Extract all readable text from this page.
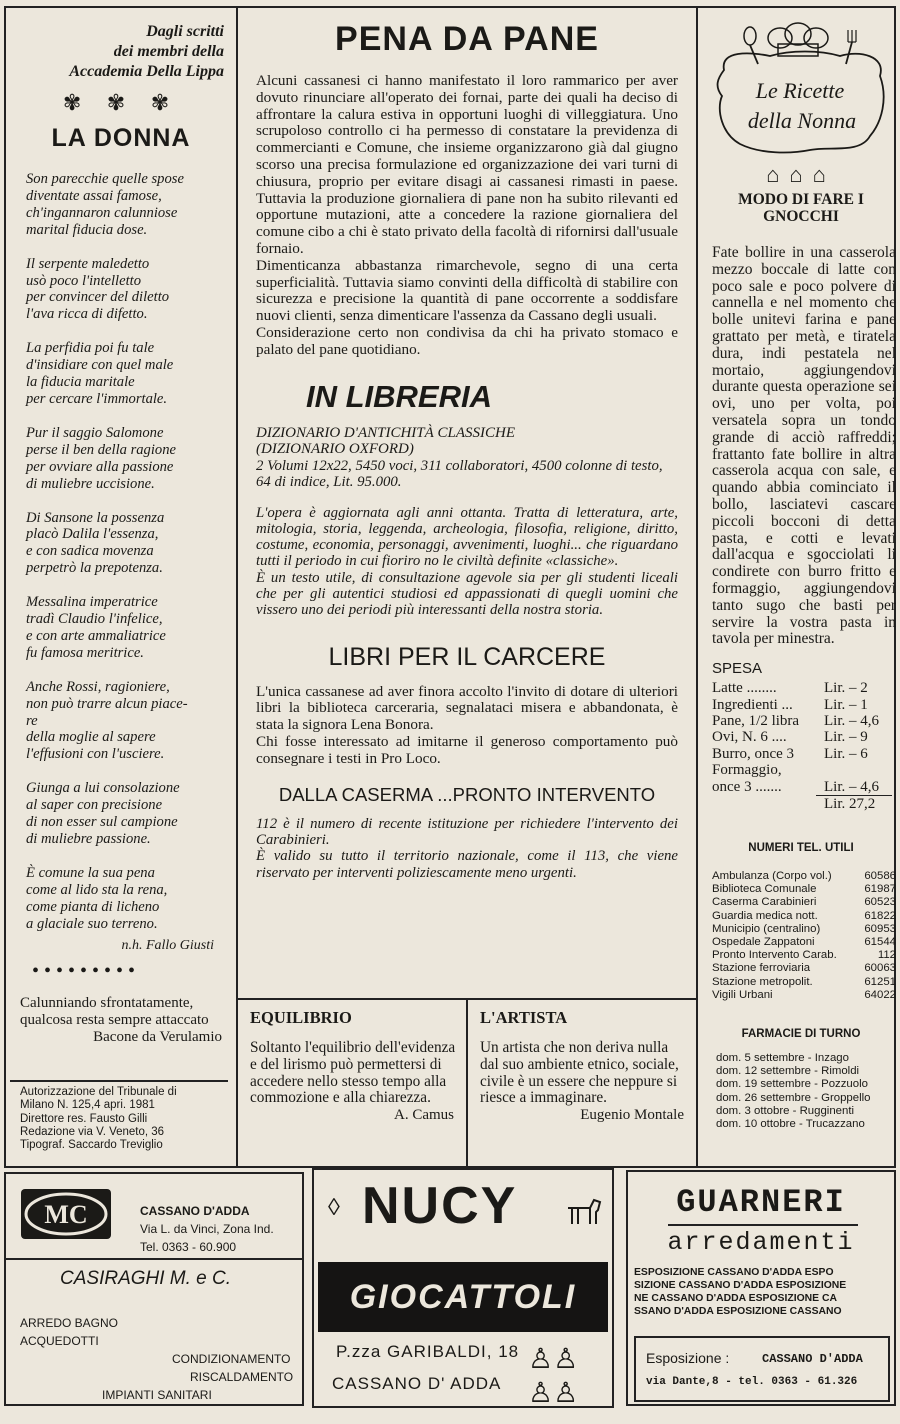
Dagli scritti
dei membri della
Accademia Della Lippa
✾ ✾ ✾
LA DONNA
Son parecchie quelle spose
diventate assai famose,
ch'ingannaron calunniose
marital fiducia dose.
Il serpente maledetto
usò poco l'intelletto
per convincer del diletto
l'ava ricca di difetto.
La perfidia poi fu tale
d'insidiare con quel male
la fiducia maritale
per cercare l'immortale.
Pur il saggio Salomone
perse il ben della ragione
per ovviare alla passione
di muliebre uccisione.
Di Sansone la possenza
placò Dalila l'essenza,
e con sadica movenza
perpetrò la prepotenza.
Messalina imperatrice
tradì Claudio l'infelice,
e con arte ammaliatrice
fu famosa meritrice.
Anche Rossi, ragioniere,
non può trarre alcun piace-
re
della moglie al sapere
l'effusioni con l'usciere.
Giunga a lui consolazione
al saper con precisione
di non esser sul campione
di muliebre passione.
È comune la sua pena
come al lido sta la rena,
come pianta di licheno
a glaciale suo terreno.
n.h. Fallo Giusti
•••••••••

Calunniando sfrontatamente, qualcosa resta sempre attaccato

Bacone da Verulamio

Autorizzazione del Tribunale di
Milano N. 125,4 apri. 1981
Direttore res. Fausto Gilli
Redazione via V. Veneto, 36
Tipograf. Saccardo Treviglio
PENA DA PANE

Alcuni cassanesi ci hanno manifestato il loro rammarico per aver dovuto rinunciare all'operato dei fornai, parte dei quali ha deciso di affrontare la calura estiva in opportuni luoghi di villeggiatura. Uno scrupoloso controllo ci ha permesso di constatare la previdenza di commercianti e Comune, che insieme organizzarono già dal giugno scorso una precisa formulazione ed organizzazione dei vari turni di chiusura, proprio per evitare disagi ai cassanesi rimasti in paese. Tuttavia la produzione giornaliera di pane non ha subito rilevanti ed opportune mutazioni, atte a concedere la razione giornaliera del comune cibo a chi è stato privato della facoltà di rifornirsi dall'usuale fornaio.

Dimenticanza abbastanza rimarchevole, segno di una certa superficialità. Tuttavia siamo convinti della difficoltà di stabilire con sicurezza e precisione la quantità di pane occorrente a soddisfare nuovi clienti, senza dimenticare l'assenza da Cassano degli usuali.

Considerazione certo non condivisa da chi ha privato stomaco e palato del pane quotidiano.

IN LIBRERIA
DIZIONARIO D'ANTICHITÀ CLASSICHE
(DIZIONARIO OXFORD)
2 Volumi 12x22, 5450 voci, 311 collaboratori, 4500 colonne di testo, 64 di indice, Lit. 95.000.

L'opera è aggiornata agli anni ottanta. Tratta di letteratura, arte, mitologia, storia, leggenda, archeologia, filosofia, religione, diritto, costume, economia, personaggi, avvenimenti, luoghi... che riguardano tutti il periodo in cui fioriro no le civiltà definite «classiche».

È un testo utile, di consultazione agevole sia per gli studenti liceali che per gli autentici studiosi ed appassionati di quegli uomini che vissero uno dei periodi più interessanti della nostra storia.

LIBRI PER IL CARCERE

L'unica cassanese ad aver finora accolto l'invito di dotare di ulteriori libri la biblioteca carceraria, segnalataci misera e abbandonata, è stata la signora Lena Bonora.

Chi fosse interessato ad imitarne il generoso comportamento può consegnare i testi in Pro Loco.

DALLA CASERMA ...PRONTO INTERVENTO

112 è il numero di recente istituzione per richiedere l'intervento dei Carabinieri.

È valido su tutto il territorio nazionale, come il 113, che viene riservato per interventi poliziescamente meno urgenti.

EQUILIBRIO
Soltanto l'equilibrio dell'evidenza e del lirismo può permettersi di accedere nello stesso tempo alla commozione e alla chiarezza.
A. Camus
L'ARTISTA
Un artista che non deriva nulla dal suo ambiente etnico, sociale, civile è un essere che neppure si riesce a immaginare.
Eugenio Montale
Le Ricette
della Nonna
⌂⌂⌂
MODO DI FARE I GNOCCHI
Fate bollire in una casserola mezzo boccale di latte con poco sale e poco polvere di cannella e nel momento che bolle unitevi farina e pane grattato per metà, e tiratela dura, indi pestatela nel mortaio, aggiungendovi durante questa operazione sei ovi, uno per volta, poi versatela sopra un tondo grande di acciò raffreddi; frattanto fate bollire in altra casserola acqua con sale, e quando abbia cominciato il bollo, lasciatevi cascare piccoli bocconi di detta pasta, e cotti e levati dall'acqua e sgocciolati li condirete con burro fritto e formaggio, aggiungendovi tanto sugo che basti per servire la vostra pasta in tavola per minestra.
SPESA
Latte ........	Lir. – 2
Ingredienti ...	Lir. – 1
Pane, 1/2 libra	Lir. – 4,6
Ovi, N. 6 ....	Lir. – 9
Burro, once 3	Lir. – 6
Formaggio,
once 3 .......	Lir. – 4,6
Lir. 27,2
NUMERI TEL. UTILI
Ambulanza (Corpo vol.)	60586
Biblioteca Comunale	61987
Caserma Carabinieri	60523
Guardia medica nott.	61822
Municipio (centralino)	60953
Ospedale Zappatoni	61544
Pronto Intervento Carab.	112
Stazione ferroviaria	60063
Stazione metropolit.	61251
Vigili Urbani	64022
FARMACIE DI TURNO
dom. 5 settembre - Inzago
dom. 12 settembre - Rimoldi
dom. 19 settembre - Pozzuolo
dom. 26 settembre - Groppello
dom. 3 ottobre - Rugginenti
dom. 10 ottobre - Trucazzano
MC	CASSANO D'ADDA
Via L. da Vinci, Zona Ind.
Tel. 0363 - 60.900
CASIRAGHI M. e C.
ARREDO BAGNO
ACQUEDOTTI
CONDIZIONAMENTO
RISCALDAMENTO
IMPIANTI SANITARI
◊ NUCY
GIOCATTOLI
P.zza GARIBALDI, 18
CASSANO D' ADDA
♙♙ ♙♙
GUARNERI
arredamenti
ESPOSIZIONE CASSANO D'ADDA ESPO
SIZIONE CASSANO D'ADDA ESPOSIZIONE
NE CASSANO D'ADDA ESPOSIZIONE CA
SSANO D'ADDA ESPOSIZIONE CASSANO
Esposizione :	CASSANO D'ADDA
via Dante,8 - tel. 0363 - 61.326
